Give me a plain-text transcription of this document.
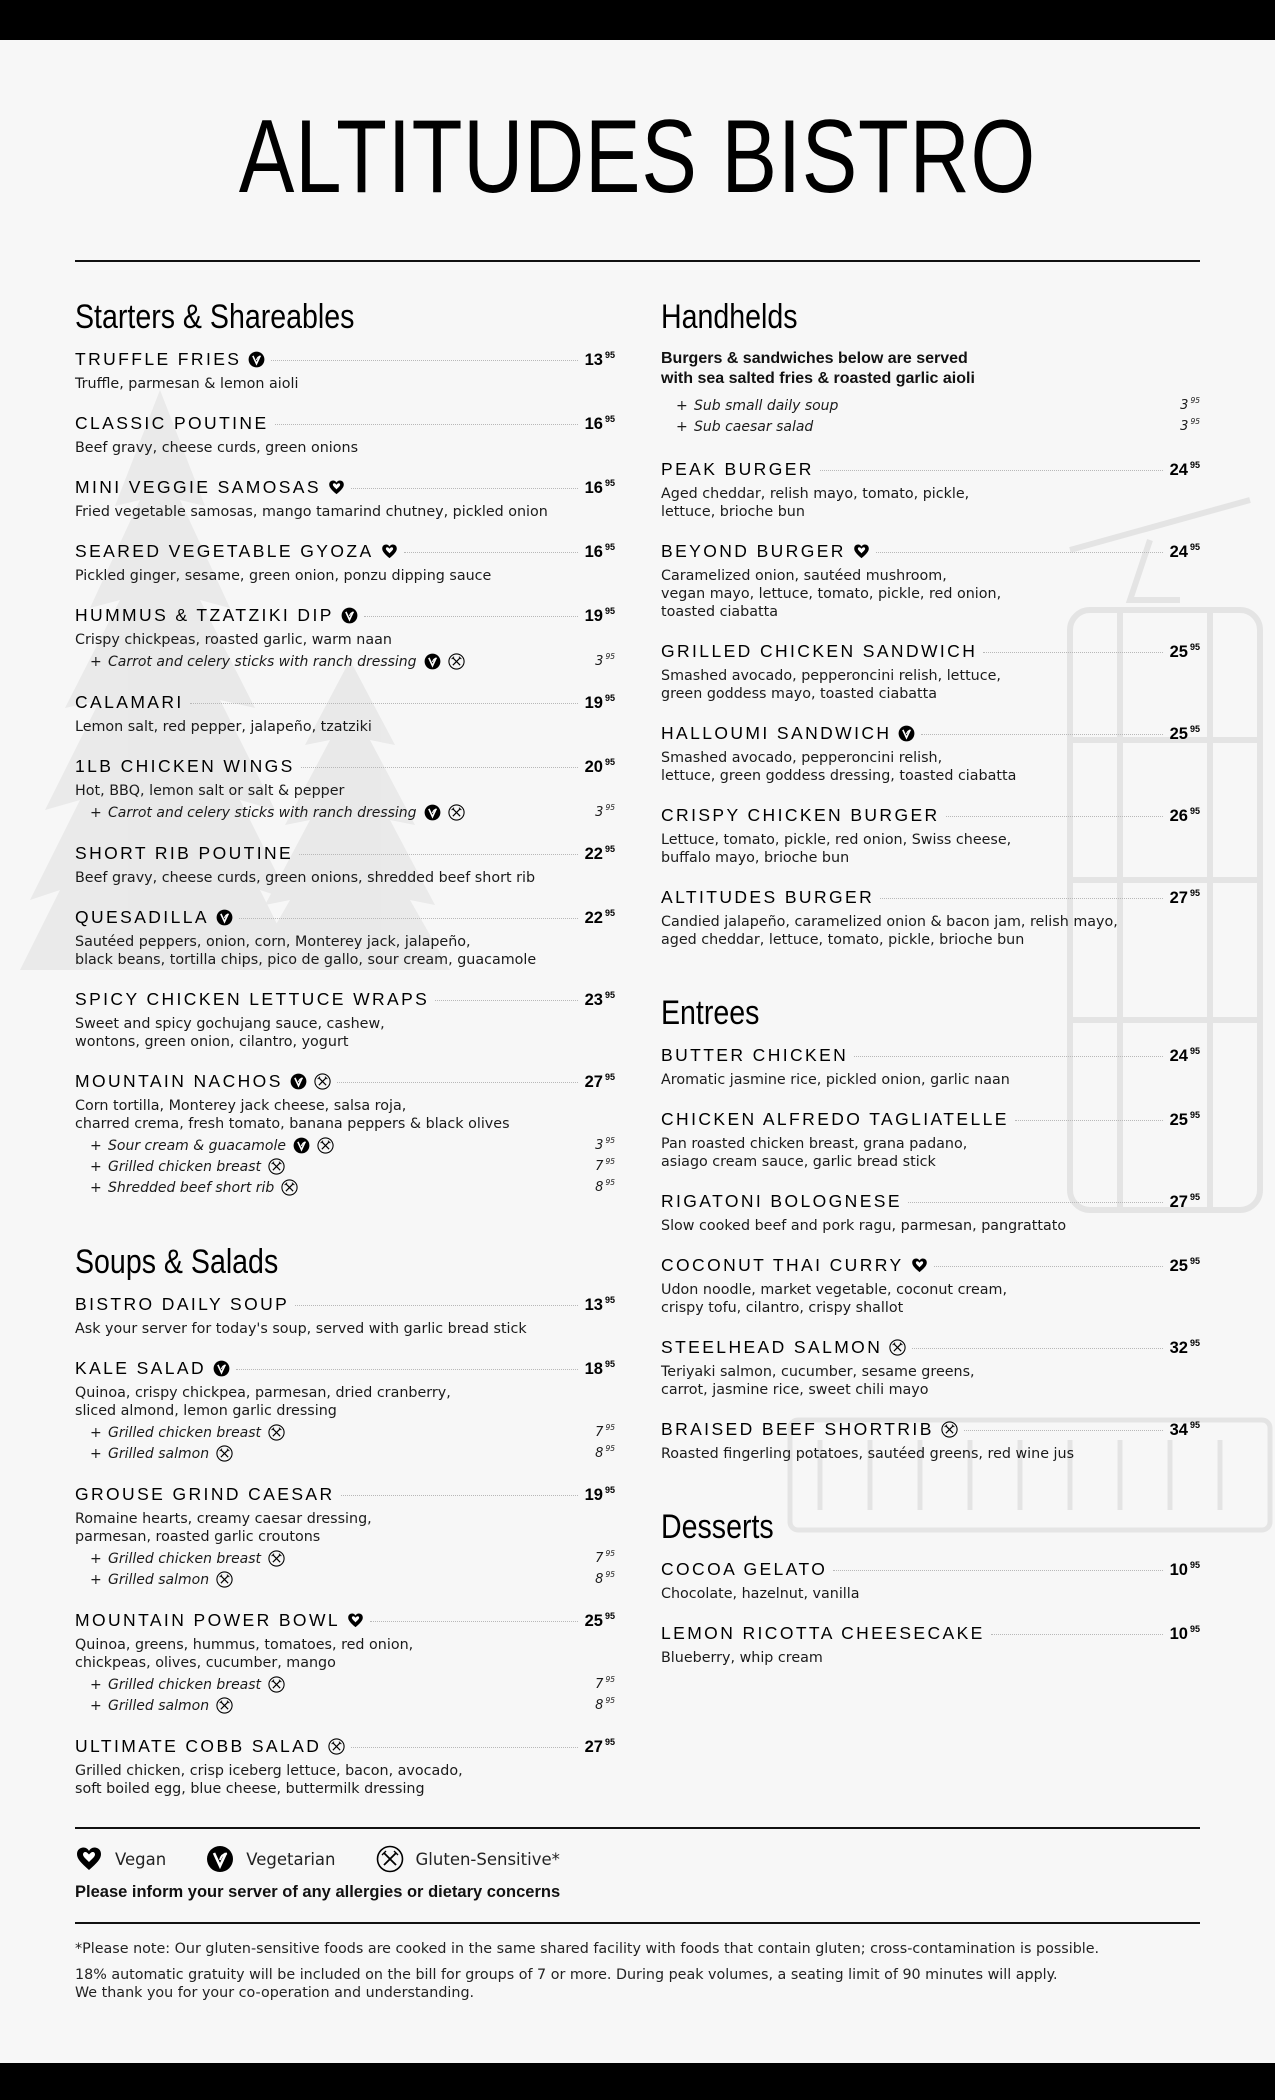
ALTITUDES BISTRO
Starters & Shareables
TRUFFLE FRIES	13 $^{95}$
Truffle, parmesan & lemon aioli
CLASSIC POUTINE	16 $^{95}$
Beef gravy, cheese curds, green onions
MINI VEGGIE SAMOSAS	16 $^{95}$
Fried vegetable samosas, mango tamarind chutney, pickled onion
SEARED VEGETABLE GYOZA	16 $^{95}$
Pickled ginger, sesame, green onion, ponzu dipping sauce
HUMMUS & TZATZIKI DIP	19 $^{95}$
Crispy chickpeas, roasted garlic, warm naan
+ Carrot and celery sticks with ranch dressing	3 $^{95}$
CALAMARI	19 $^{95}$
Lemon salt, red pepper, jalapeño, tzatziki
1LB CHICKEN WINGS	20 $^{95}$
Hot, BBQ, lemon salt or salt & pepper
+ Carrot and celery sticks with ranch dressing	3 $^{95}$
SHORT RIB POUTINE	22 $^{95}$
Beef gravy, cheese curds, green onions, shredded beef short rib
QUESADILLA	22 $^{95}$
Sautéed peppers, onion, corn, Monterey jack, jalapeño,
black beans, tortilla chips, pico de gallo, sour cream, guacamole
SPICY CHICKEN LETTUCE WRAPS	23 $^{95}$
Sweet and spicy gochujang sauce, cashew,
wontons, green onion, cilantro, yogurt
MOUNTAIN NACHOS	27 $^{95}$
Corn tortilla, Monterey jack cheese, salsa roja,
charred crema, fresh tomato, banana peppers & black olives
+ Sour cream & guacamole	3 $^{95}$
+ Grilled chicken breast	7 $^{95}$
+ Shredded beef short rib	8 $^{95}$
Soups & Salads
BISTRO DAILY SOUP	13 $^{95}$
Ask your server for today's soup, served with garlic bread stick
KALE SALAD	18 $^{95}$
Quinoa, crispy chickpea, parmesan, dried cranberry,
sliced almond, lemon garlic dressing
+ Grilled chicken breast	7 $^{95}$
+ Grilled salmon	8 $^{95}$
GROUSE GRIND CAESAR	19 $^{95}$
Romaine hearts, creamy caesar dressing,
parmesan, roasted garlic croutons
+ Grilled chicken breast	7 $^{95}$
+ Grilled salmon	8 $^{95}$
MOUNTAIN POWER BOWL	25 $^{95}$
Quinoa, greens, hummus, tomatoes, red onion,
chickpeas, olives, cucumber, mango
+ Grilled chicken breast	7 $^{95}$
+ Grilled salmon	8 $^{95}$
ULTIMATE COBB SALAD	27 $^{95}$
Grilled chicken, crisp iceberg lettuce, bacon, avocado,
soft boiled egg, blue cheese, buttermilk dressing
Handhelds
Burgers & sandwiches below are served
with sea salted fries & roasted garlic aioli
+ Sub small daily soup	3 $^{95}$
+ Sub caesar salad	3 $^{95}$
PEAK BURGER	24 $^{95}$
Aged cheddar, relish mayo, tomato, pickle,
lettuce, brioche bun
BEYOND BURGER	24 $^{95}$
Caramelized onion, sautéed mushroom,
vegan mayo, lettuce, tomato, pickle, red onion,
toasted ciabatta
GRILLED CHICKEN SANDWICH	25 $^{95}$
Smashed avocado, pepperoncini relish, lettuce,
green goddess mayo, toasted ciabatta
HALLOUMI SANDWICH	25 $^{95}$
Smashed avocado, pepperoncini relish,
lettuce, green goddess dressing, toasted ciabatta
CRISPY CHICKEN BURGER	26 $^{95}$
Lettuce, tomato, pickle, red onion, Swiss cheese,
buffalo mayo, brioche bun
ALTITUDES BURGER	27 $^{95}$
Candied jalapeño, caramelized onion & bacon jam, relish mayo,
aged cheddar, lettuce, tomato, pickle, brioche bun
Entrees
BUTTER CHICKEN	24 $^{95}$
Aromatic jasmine rice, pickled onion, garlic naan
CHICKEN ALFREDO TAGLIATELLE	25 $^{95}$
Pan roasted chicken breast, grana padano,
asiago cream sauce, garlic bread stick
RIGATONI BOLOGNESE	27 $^{95}$
Slow cooked beef and pork ragu, parmesan, pangrattato
COCONUT THAI CURRY	25 $^{95}$
Udon noodle, market vegetable, coconut cream,
crispy tofu, cilantro, crispy shallot
STEELHEAD SALMON	32 $^{95}$
Teriyaki salmon, cucumber, sesame greens,
carrot, jasmine rice, sweet chili mayo
BRAISED BEEF SHORTRIB	34 $^{95}$
Roasted fingerling potatoes, sautéed greens, red wine jus
Desserts
COCOA GELATO	10 $^{95}$
Chocolate, hazelnut, vanilla
LEMON RICOTTA CHEESECAKE	10 $^{95}$
Blueberry, whip cream
Vegan	Vegetarian	Gluten-Sensitive*
Please inform your server of any allergies or dietary concerns
*Please note: Our gluten-sensitive foods are cooked in the same shared facility with foods that contain gluten; cross-contamination is possible.
18% automatic gratuity will be included on the bill for groups of 7 or more. During peak volumes, a seating limit of 90 minutes will apply.
We thank you for your co-operation and understanding.
